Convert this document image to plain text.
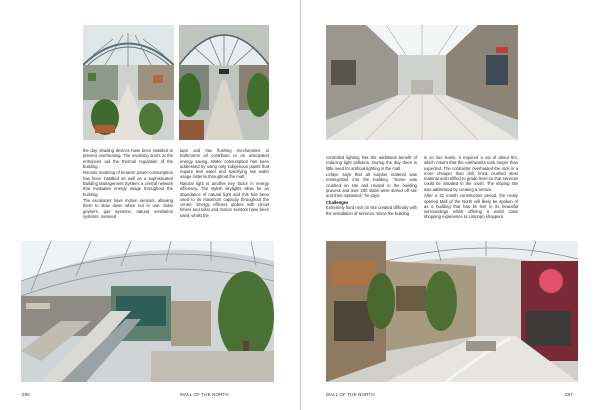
the day, shading devices have been installed to prevent overheating. The revolving doors at the entrances aid the thermal regulation of the building.

Remote metering of tenants' power consumption has been installed as well as a sophisticated Building Management System, a central network that evaluates energy usage throughout the building.

The escalators have motion sensors, allowing them to slow down when not in use. Solar geysers, gas systems, natural ventilation systems, metered

taps and low flushing mechanisms in bathrooms all contribute to an anticipated energy saving. Water consumption has been addressed by using only indigenous plants that require less water and specifying low water usage cisterns throughout the mall.

Natural light is another key factor in energy efficiency. The stylish skylights allow for an abundance of natural light and this has been used to its maximum capacity throughout the centre. Energy efficient globes with circuit timers and solar and motion sensors have been used, whilst the

386	MALL OF THE NORTH

controlled lighting has the additional benefit of reducing light pollution. During the day there is little need for artificial lighting in the mall.

Lefaye says that all surplus material was reintegrated into the building. "Some was crushed on site and reused in the building process and over 200 slabs were stored off site and then replanted," he says.

Challenges

Extremely hard rock on site created difficulty with the installation of services. Since the building

is on two levels, it required a cut of about 8m, which meant that the earthworks took longer than expected. The contractor overhauled the rock in a more cheaper than drill, lined crushed steel material and refilled to grade level so that services could be installed in the crush. The sloping site was addressed by creating a terrace.

After a 22 month construction period, the newly opened Mall of the North will likely be spoken of as a building that has its feet in its beautiful surroundings whilst offering a world class shopping experience to Limpopo shoppers.

MALL OF THE NORTH	387
